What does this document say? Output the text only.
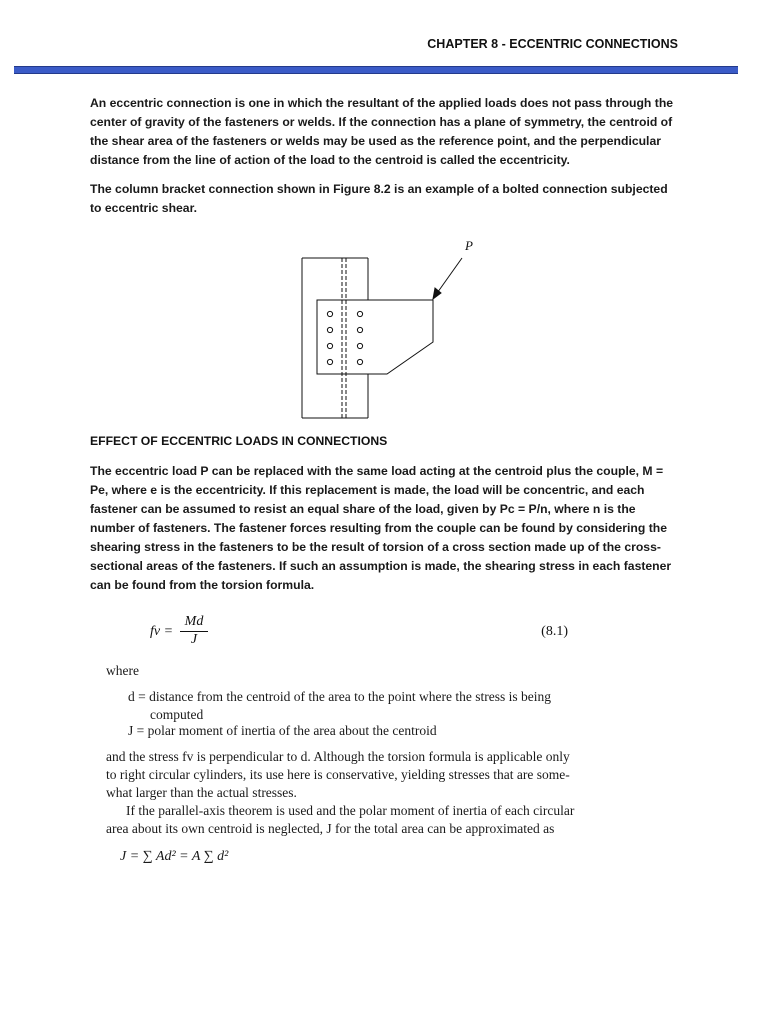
CHAPTER 8 - ECCENTRIC CONNECTIONS

An eccentric connection is one in which the resultant of the applied loads does not pass through the center of gravity of the fasteners or welds. If the connection has a plane of symmetry, the centroid of the shear area of the fasteners or welds may be used as the reference point, and the perpendicular distance from the line of action of the load to the centroid is called the eccentricity.

The column bracket connection shown in Figure 8.2 is an example of a bolted connection subjected to eccentric shear.

P
EFFECT OF ECCENTRIC LOADS IN CONNECTIONS

The eccentric load P can be replaced with the same load acting at the centroid plus the couple, M = Pe, where e is the eccentricity. If this replacement is made, the load will be concentric, and each fastener can be assumed to resist an equal share of the load, given by Pc = P/n, where n is the number of fasteners. The fastener forces resulting from the couple can be found by considering the shearing stress in the fasteners to be the result of torsion of a cross section made up of the cross-sectional areas of the fasteners. If such an assumption is made, the shearing stress in each fastener can be found from the torsion formula.

fv = $\frac{Md}{J}$	(8.1)
where
d = distance from the centroid of the area to the point where the stress is being
computed
J = polar moment of inertia of the area about the centroid
and the stress fv is perpendicular to d. Although the torsion formula is applicable only
to right circular cylinders, its use here is conservative, yielding stresses that are some-
what larger than the actual stresses.
If the parallel-axis theorem is used and the polar moment of inertia of each circular
area about its own centroid is neglected, J for the total area can be approximated as
J = ∑ Ad² = A ∑ d²
